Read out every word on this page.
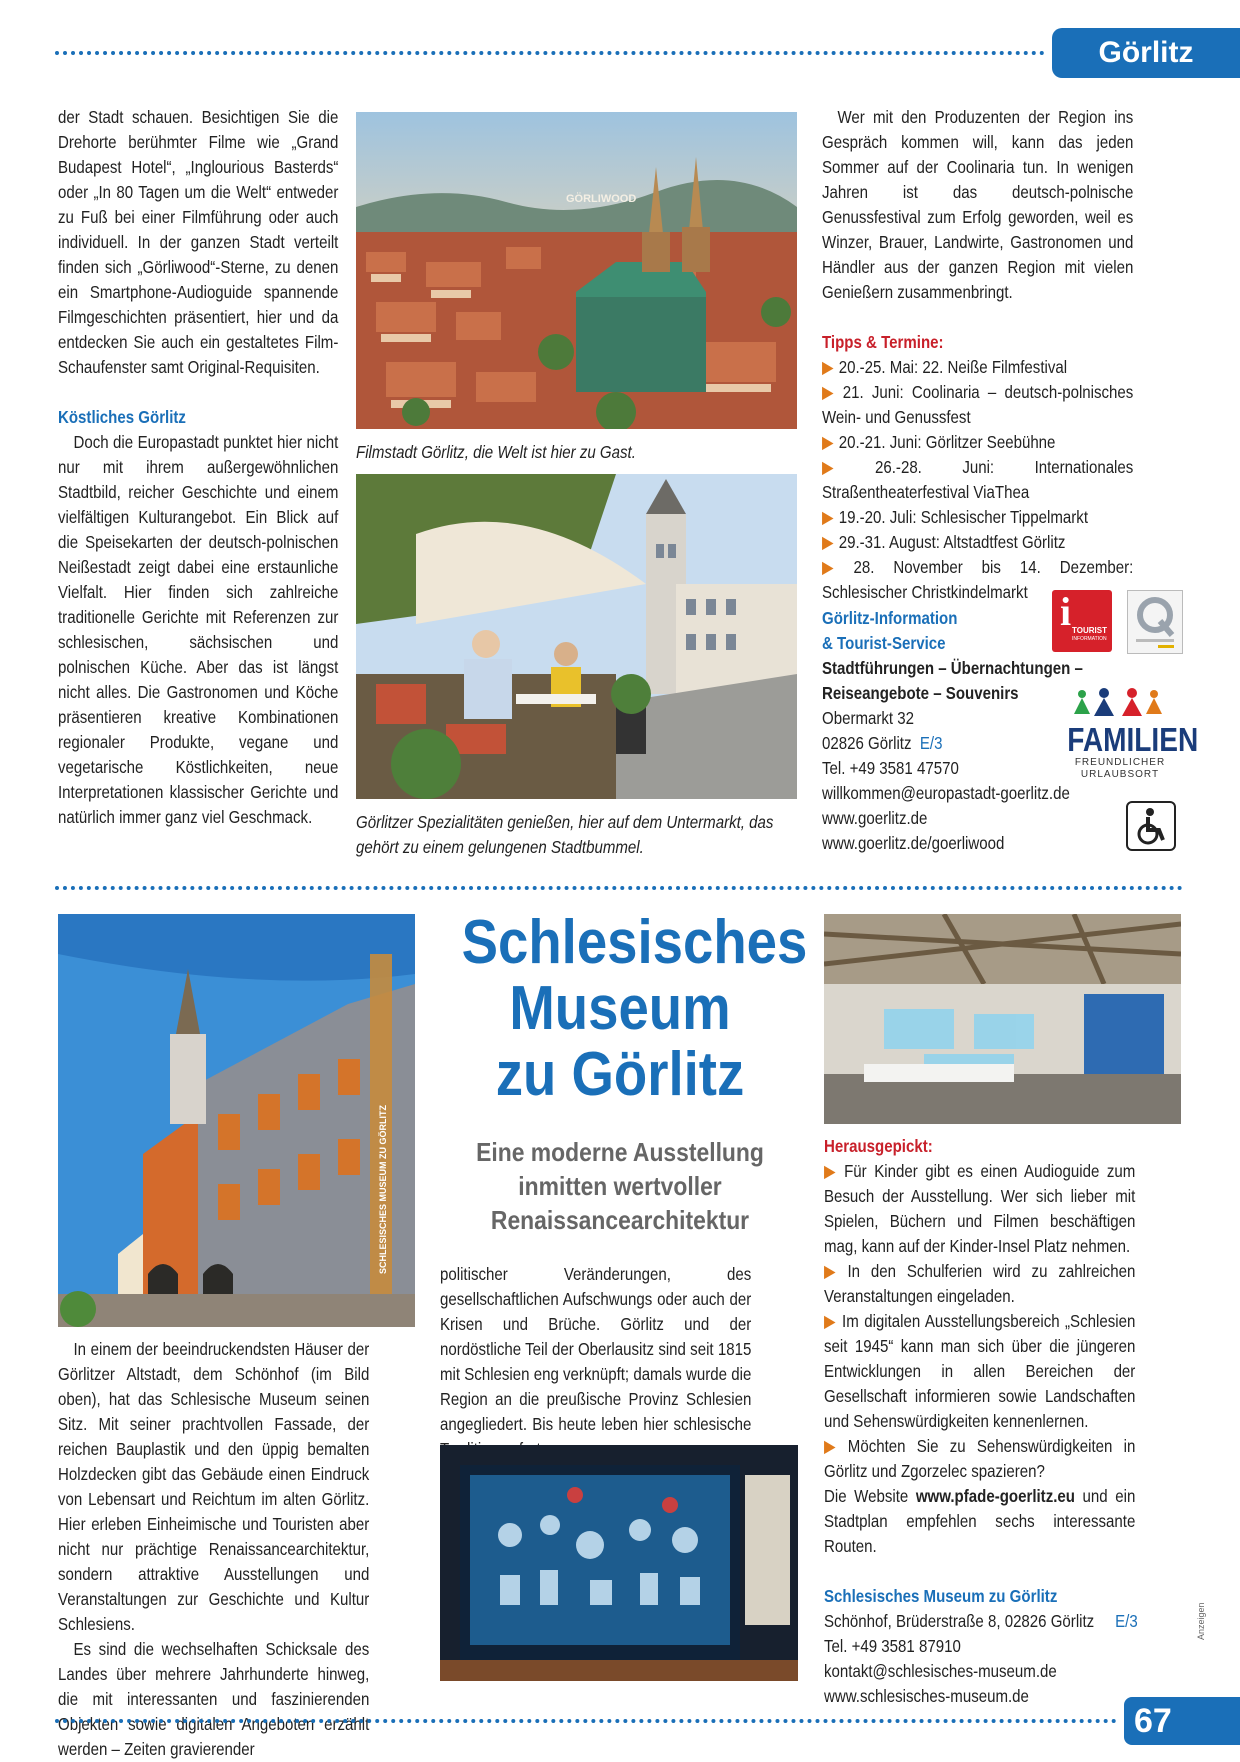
Görlitz

der Stadt schauen. Besichtigen Sie die Drehorte berühmter Filme wie „Grand Budapest Hotel“, „Inglourious Basterds“ oder „In 80 Tagen um die Welt“ entweder zu Fuß bei einer Filmführung oder auch individuell. In der ganzen Stadt verteilt finden sich „Görliwood“-Sterne, zu denen ein Smartphone-Audioguide spannende Filmgeschichten präsentiert, hier und da entdecken Sie auch ein gestaltetes Film-Schaufenster samt Original-Requisiten.

Köstliches Görlitz

Doch die Europastadt punktet hier nicht nur mit ihrem außergewöhnlichen Stadtbild, reicher Geschichte und einem vielfältigen Kulturangebot. Ein Blick auf die Speisekarten der deutsch-polnischen Neißestadt zeigt dabei eine erstaunliche Vielfalt. Hier finden sich zahlreiche traditionelle Gerichte mit Referenzen zur schlesischen, sächsischen und polnischen Küche. Aber das ist längst nicht alles. Die Gastronomen und Köche präsentieren kreative Kombinationen regionaler Produkte, vegane und vegetarische Köstlichkeiten, neue Interpretationen klassischer Gerichte und natürlich immer ganz viel Geschmack.

GÖRLIWOOD
Filmstadt Görlitz, die Welt ist hier zu Gast.
Görlitzer Spezialitäten genießen, hier auf dem Untermarkt, das
gehört zu einem gelungenen Stadtbummel.

Wer mit den Produzenten der Region ins Gespräch kommen will, kann das jeden Sommer auf der Coolinaria tun. In wenigen Jahren ist das deutsch-polnische Genussfestival zum Erfolg geworden, weil es Winzer, Brauer, Landwirte, Gastronomen und Händler aus der ganzen Region mit vielen Genießern zusammenbringt.

Tipps & Termine:

▶ 20.-25. Mai: 22. Neiße Filmfestival

▶ 21. Juni: Coolinaria – deutsch-polnisches Wein- und Genussfest

▶ 20.-21. Juni: Görlitzer Seebühne

▶ 26.-28. Juni: Internationales Straßentheaterfestival ViaThea

▶ 19.-20. Juli: Schlesischer Tippelmarkt

▶ 29.-31. August: Altstadtfest Görlitz

▶ 28. November bis 14. Dezember: Schlesischer Christkindelmarkt

Görlitz-Information

& Tourist-Service

Stadtführungen – Übernachtungen –

Reiseangebote – Souvenirs

Obermarkt 32

02826 Görlitz E/3

Tel. +49 3581 47570

willkommen@europastadt-goerlitz.de

www.goerlitz.de

www.goerlitz.de/goerliwood

i TOURIST
INFORMATION
FAMILIEN
FREUNDLICHER
URLAUBSORT
SCHLESISCHES MUSEUM ZU GÖRLITZ
Schlesisches
Museum
zu Görlitz
Eine moderne Ausstellung
inmitten wertvoller
Renaissancearchitektur

In einem der beeindruckendsten Häuser der Görlitzer Altstadt, dem Schönhof (im Bild oben), hat das Schlesische Museum seinen Sitz. Mit seiner prachtvollen Fassade, der reichen Bauplastik und den üppig bemalten Holzdecken gibt das Gebäude einen Eindruck von Lebensart und Reichtum im alten Görlitz. Hier erleben Einheimische und Touristen aber nicht nur prächtige Renaissancearchitektur, sondern attraktive Ausstellungen und Veranstaltungen zur Geschichte und Kultur Schlesiens.

Es sind die wechselhaften Schicksale des Landes über mehrere Jahrhunderte hinweg, die mit interessanten und faszinierenden Objekten sowie digitalen Angeboten erzählt werden – Zeiten gravierender

politischer Veränderungen, des gesellschaftlichen Aufschwungs oder auch der Krisen und Brüche. Görlitz und der nordöstliche Teil der Oberlausitz sind seit 1815 mit Schlesien eng verknüpft; damals wurde die Region an die preußische Provinz Schlesien angegliedert. Bis heute leben hier schlesische

Herausgepickt:

▶ Für Kinder gibt es einen Audioguide zum Besuch der Ausstellung. Wer sich lieber mit Spielen, Büchern und Filmen beschäftigen mag, kann auf der Kinder-Insel Platz nehmen.

▶ In den Schulferien wird zu zahlreichen Veranstaltungen eingeladen.

▶ Im digitalen Ausstellungsbereich „Schlesien seit 1945“ kann man sich über die jüngeren Entwicklungen in allen Bereichen der Gesellschaft informieren sowie Landschaften und Sehenswürdigkeiten kennenlernen.

▶ Möchten Sie zu Sehenswürdigkeiten in Görlitz und Zgorzelec spazieren?

Die Website www.pfade-goerlitz.eu und ein Stadtplan empfehlen sechs interessante Routen.

Schlesisches Museum zu Görlitz

Schönhof, Brüderstraße 8, 02826 Görlitz E/3

Tel. +49 3581 87910

kontakt@schlesisches-museum.de

www.schlesisches-museum.de

Anzeigen
67
